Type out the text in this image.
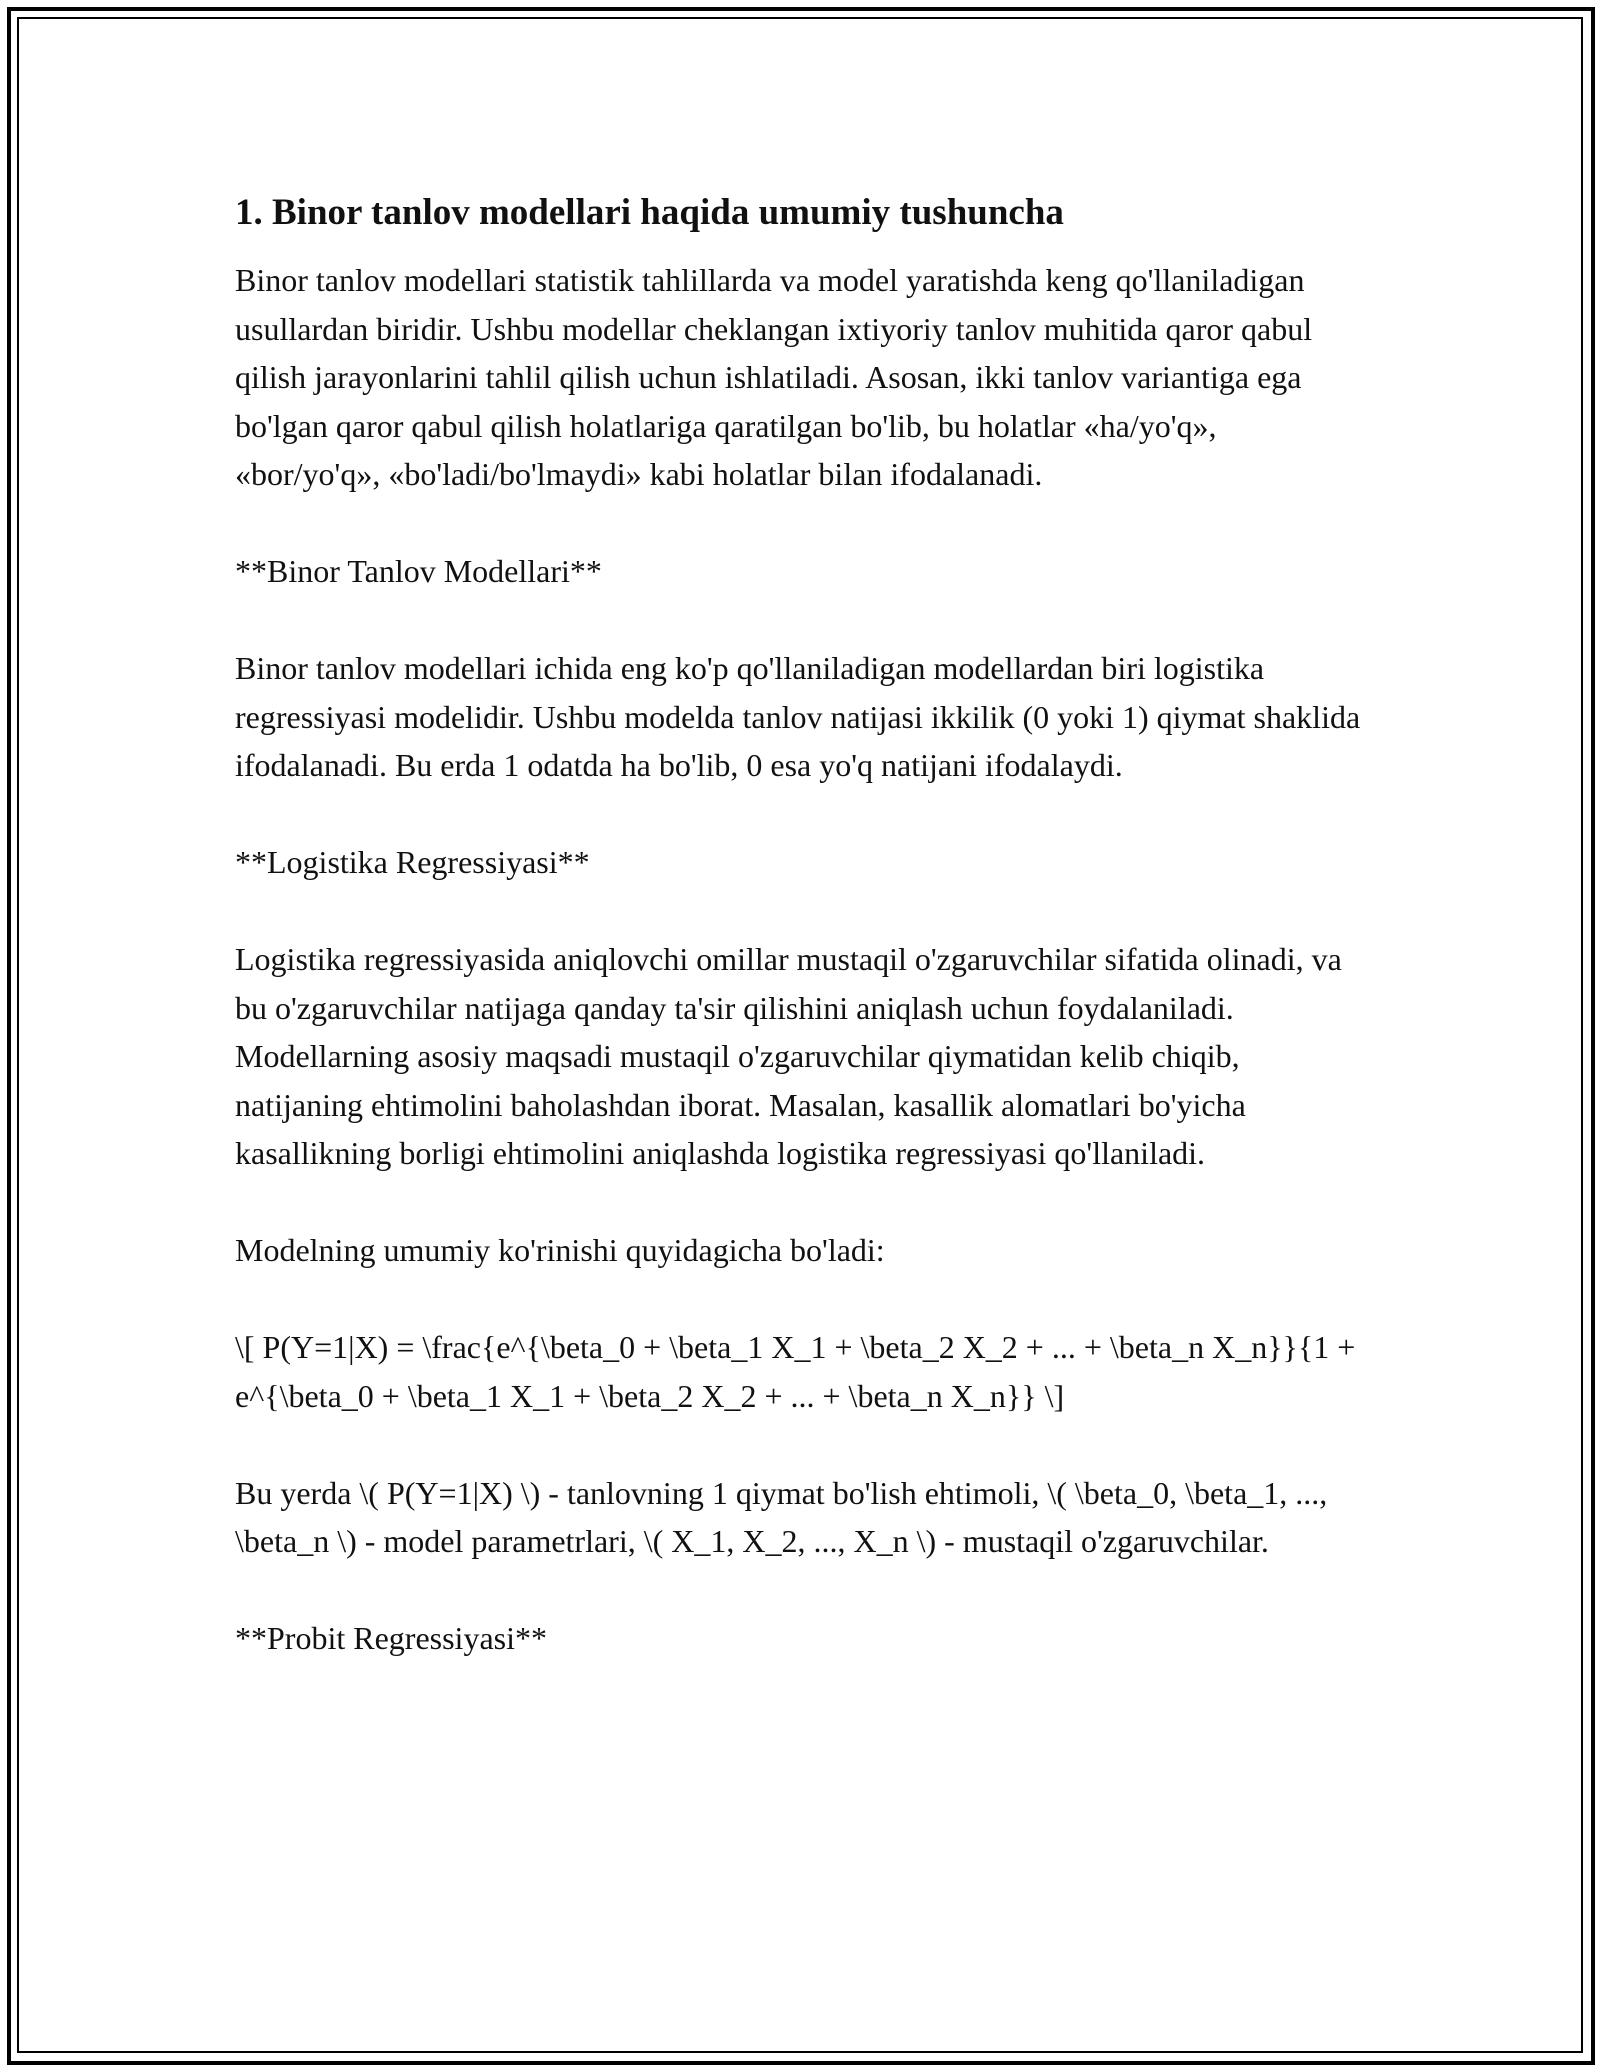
1. Binor tanlov modellari haqida umumiy tushuncha

Binor tanlov modellari statistik tahlillarda va model yaratishda keng qo'llaniladigan usullardan biridir. Ushbu modellar cheklangan ixtiyoriy tanlov muhitida qaror qabul qilish jarayonlarini tahlil qilish uchun ishlatiladi. Asosan, ikki tanlov variantiga ega bo'lgan qaror qabul qilish holatlariga qaratilgan bo'lib, bu holatlar «ha/yo'q», «bor/yo'q», «bo'ladi/bo'lmaydi» kabi holatlar bilan ifodalanadi.

**Binor Tanlov Modellari**

Binor tanlov modellari ichida eng ko'p qo'llaniladigan modellardan biri logistika regressiyasi modelidir. Ushbu modelda tanlov natijasi ikkilik (0 yoki 1) qiymat shaklida ifodalanadi. Bu erda 1 odatda ha bo'lib, 0 esa yo'q natijani ifodalaydi.

**Logistika Regressiyasi**

Logistika regressiyasida aniqlovchi omillar mustaqil o'zgaruvchilar sifatida olinadi, va bu o'zgaruvchilar natijaga qanday ta'sir qilishini aniqlash uchun foydalaniladi. Modellarning asosiy maqsadi mustaqil o'zgaruvchilar qiymatidan kelib chiqib, natijaning ehtimolini baholashdan iborat. Masalan, kasallik alomatlari bo'yicha kasallikning borligi ehtimolini aniqlashda logistika regressiyasi qo'llaniladi.

Modelning umumiy ko'rinishi quyidagicha bo'ladi:

\[ P(Y=1|X) = \frac{e^{\beta_0 + \beta_1 X_1 + \beta_2 X_2 + ... + \beta_n X_n}}{1 + e^{\beta_0 + \beta_1 X_1 + \beta_2 X_2 + ... + \beta_n X_n}} \]

Bu yerda \( P(Y=1|X) \) - tanlovning 1 qiymat bo'lish ehtimoli, \( \beta_0, \beta_1, ..., \beta_n \) - model parametrlari, \( X_1, X_2, ..., X_n \) - mustaqil o'zgaruvchilar.

**Probit Regressiyasi**
